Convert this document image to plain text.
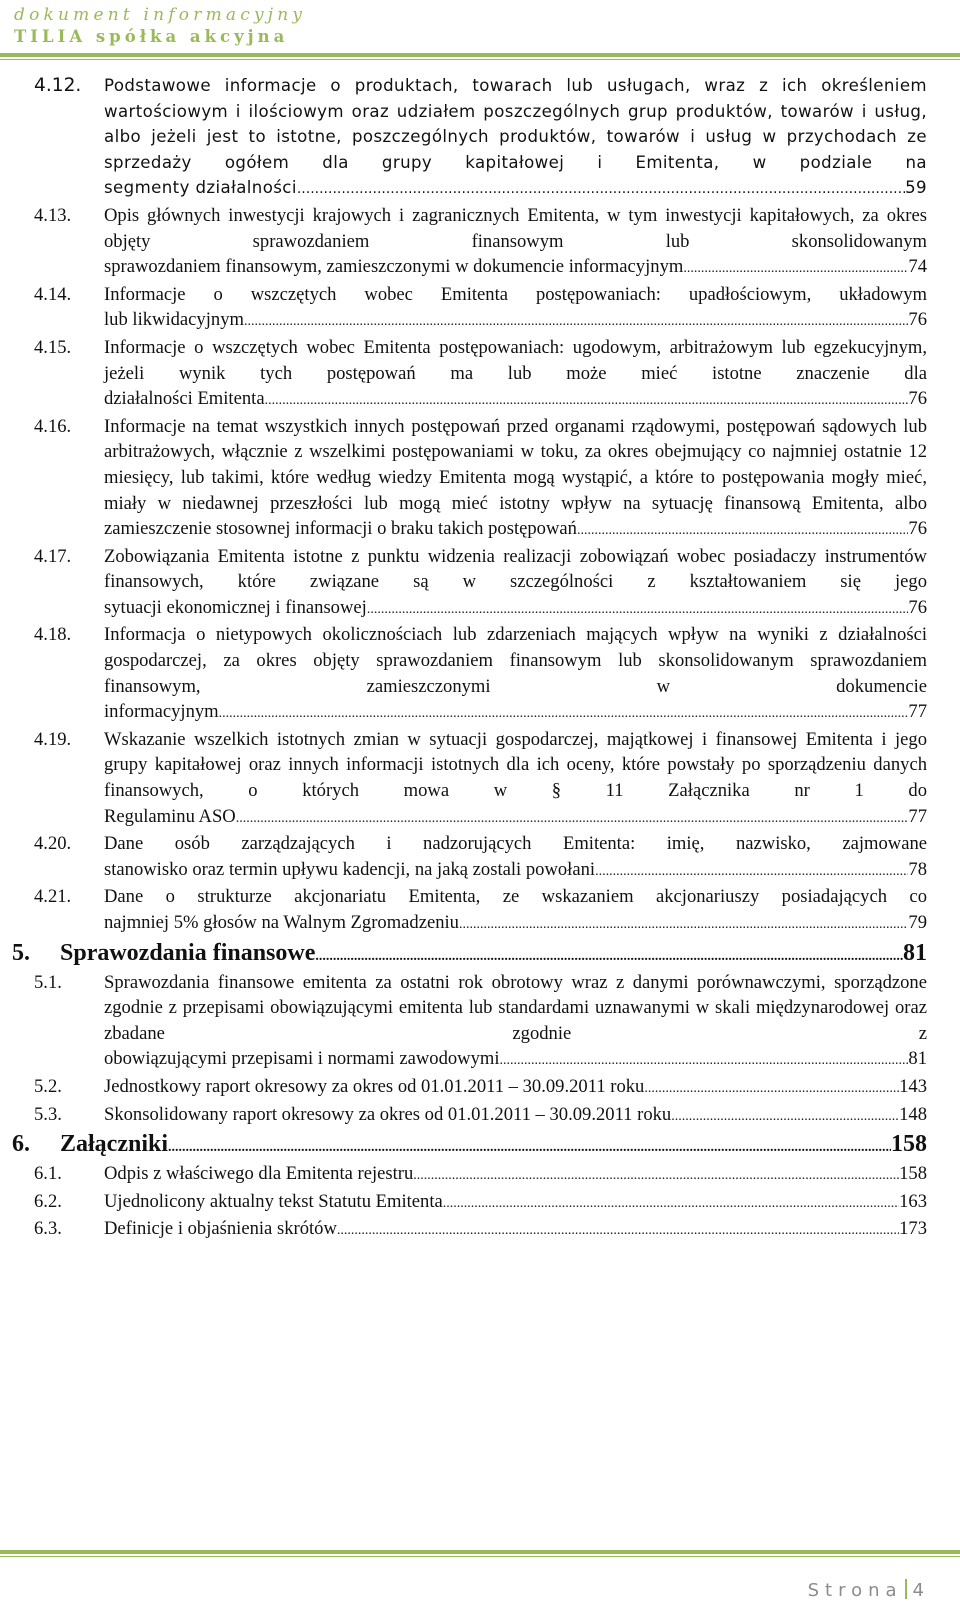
dokument informacyjny
TILIA spółka akcyjna
4.12. Podstawowe informacje o produktach, towarach lub usługach, wraz z ich określeniem wartościowym i ilościowym oraz udziałem poszczególnych grup produktów, towarów i usług, albo jeżeli jest to istotne, poszczególnych produktów, towarów i usług w przychodach ze sprzedaży ogółem dla grupy kapitałowej i Emitenta, w podziale na
segmenty działalności .....	59
4.13. Opis głównych inwestycji krajowych i zagranicznych Emitenta, w tym inwestycji kapitałowych, za okres objęty sprawozdaniem finansowym lub skonsolidowanym
sprawozdaniem finansowym, zamieszczonymi w dokumencie informacyjnym .....	74
4.14. Informacje o wszczętych wobec Emitenta postępowaniach: upadłościowym, układowym
lub likwidacyjnym .....	76
4.15. Informacje o wszczętych wobec Emitenta postępowaniach: ugodowym, arbitrażowym lub egzekucyjnym, jeżeli wynik tych postępowań ma lub może mieć istotne znaczenie dla
działalności Emitenta .....	76
4.16. Informacje na temat wszystkich innych postępowań przed organami rządowymi, postępowań sądowych lub arbitrażowych, włącznie z wszelkimi postępowaniami w toku, za okres obejmujący co najmniej ostatnie 12 miesięcy, lub takimi, które według wiedzy Emitenta mogą wystąpić, a które to postępowania mogły mieć, miały w niedawnej przeszłości lub mogą mieć istotny wpływ na sytuację finansową Emitenta, albo
zamieszczenie stosownej informacji o braku takich postępowań .....	76
4.17. Zobowiązania Emitenta istotne z punktu widzenia realizacji zobowiązań wobec posiadaczy instrumentów finansowych, które związane są w szczególności z kształtowaniem się jego
sytuacji ekonomicznej i finansowej .....	76
4.18. Informacja o nietypowych okolicznościach lub zdarzeniach mających wpływ na wyniki z działalności gospodarczej, za okres objęty sprawozdaniem finansowym lub skonsolidowanym sprawozdaniem finansowym, zamieszczonymi w dokumencie
informacyjnym .....	77
4.19. Wskazanie wszelkich istotnych zmian w sytuacji gospodarczej, majątkowej i finansowej Emitenta i jego grupy kapitałowej oraz innych informacji istotnych dla ich oceny, które powstały po sporządzeniu danych finansowych, o których mowa w § 11 Załącznika nr 1 do
Regulaminu ASO .....	77
4.20. Dane osób zarządzających i nadzorujących Emitenta: imię, nazwisko, zajmowane
stanowisko oraz termin upływu kadencji, na jaką zostali powołani .....	78
4.21. Dane o strukturze akcjonariatu Emitenta, ze wskazaniem akcjonariuszy posiadających co
najmniej 5% głosów na Walnym Zgromadzeniu .....	79
5. Sprawozdania finansowe .....	81
5.1. Sprawozdania finansowe emitenta za ostatni rok obrotowy wraz z danymi porównawczymi, sporządzone zgodnie z przepisami obowiązującymi emitenta lub standardami uznawanymi w skali międzynarodowej oraz zbadane zgodnie z
obowiązującymi przepisami i normami zawodowymi .....	81
5.2. Jednostkowy raport okresowy za okres od 01.01.2011 – 30.09.2011 roku .....	143
5.3. Skonsolidowany raport okresowy za okres od 01.01.2011 – 30.09.2011 roku .....	148
6. Załączniki .....	158
6.1. Odpis z właściwego dla Emitenta rejestru .....	158
6.2. Ujednolicony aktualny tekst Statutu Emitenta .....	163
6.3. Definicje i objaśnienia skrótów .....	173
Strona 4
